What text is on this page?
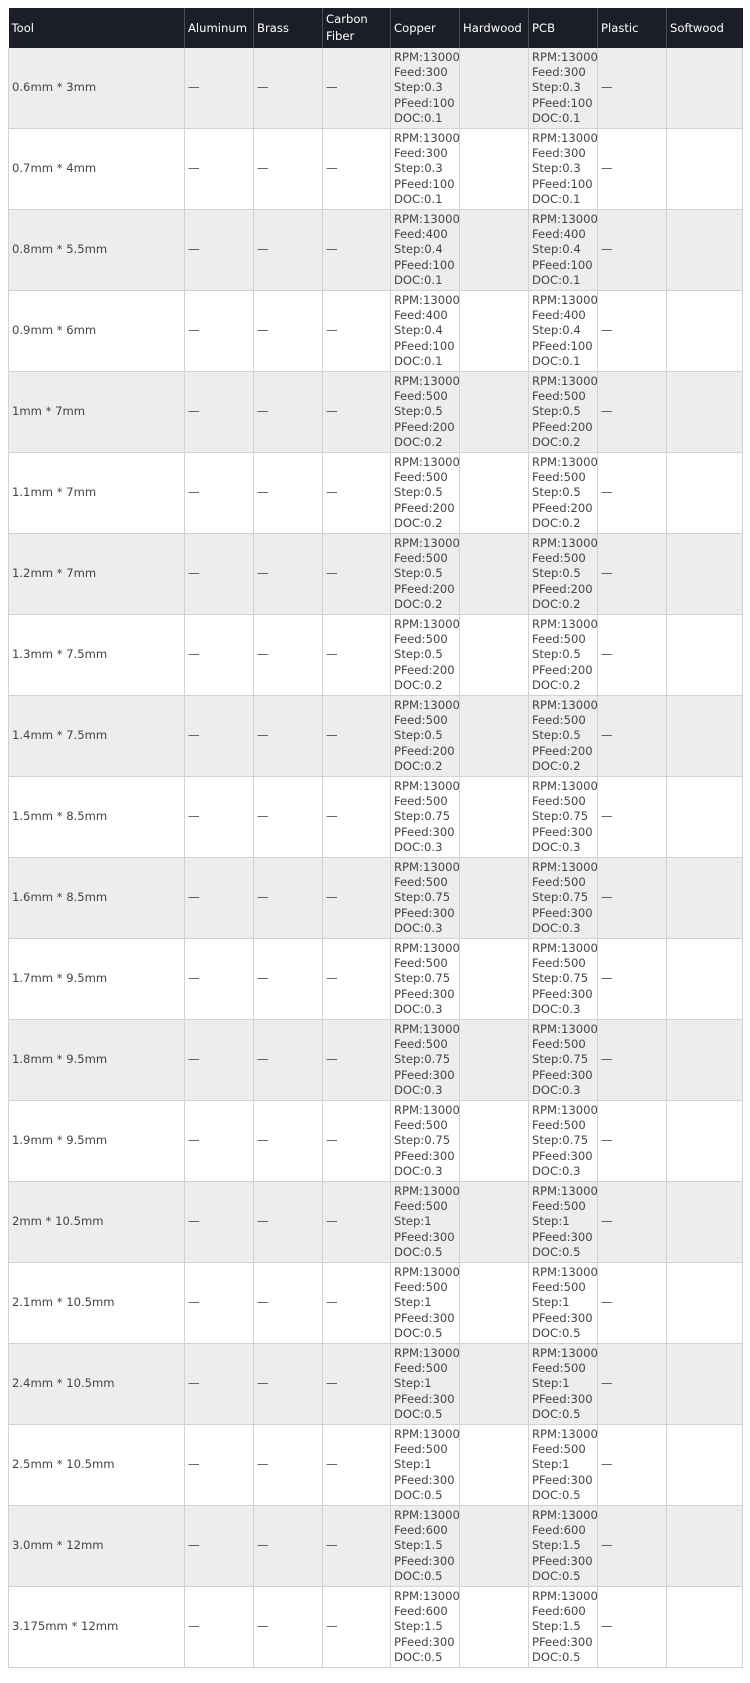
Tool	Aluminum	Brass	Carbon Fiber	Copper	Hardwood	PCB	Plastic	Softwood
0.6mm * 3mm	—	—	—	RPM:13000
Feed:300
Step:0.3
PFeed:100
DOC:0.1		RPM:13000
Feed:300
Step:0.3
PFeed:100
DOC:0.1	—	
0.7mm * 4mm	—	—	—	RPM:13000
Feed:300
Step:0.3
PFeed:100
DOC:0.1		RPM:13000
Feed:300
Step:0.3
PFeed:100
DOC:0.1	—	
0.8mm * 5.5mm	—	—	—	RPM:13000
Feed:400
Step:0.4
PFeed:100
DOC:0.1		RPM:13000
Feed:400
Step:0.4
PFeed:100
DOC:0.1	—	
0.9mm * 6mm	—	—	—	RPM:13000
Feed:400
Step:0.4
PFeed:100
DOC:0.1		RPM:13000
Feed:400
Step:0.4
PFeed:100
DOC:0.1	—	
1mm * 7mm	—	—	—	RPM:13000
Feed:500
Step:0.5
PFeed:200
DOC:0.2		RPM:13000
Feed:500
Step:0.5
PFeed:200
DOC:0.2	—	
1.1mm * 7mm	—	—	—	RPM:13000
Feed:500
Step:0.5
PFeed:200
DOC:0.2		RPM:13000
Feed:500
Step:0.5
PFeed:200
DOC:0.2	—	
1.2mm * 7mm	—	—	—	RPM:13000
Feed:500
Step:0.5
PFeed:200
DOC:0.2		RPM:13000
Feed:500
Step:0.5
PFeed:200
DOC:0.2	—	
1.3mm * 7.5mm	—	—	—	RPM:13000
Feed:500
Step:0.5
PFeed:200
DOC:0.2		RPM:13000
Feed:500
Step:0.5
PFeed:200
DOC:0.2	—	
1.4mm * 7.5mm	—	—	—	RPM:13000
Feed:500
Step:0.5
PFeed:200
DOC:0.2		RPM:13000
Feed:500
Step:0.5
PFeed:200
DOC:0.2	—	
1.5mm * 8.5mm	—	—	—	RPM:13000
Feed:500
Step:0.75
PFeed:300
DOC:0.3		RPM:13000
Feed:500
Step:0.75
PFeed:300
DOC:0.3	—	
1.6mm * 8.5mm	—	—	—	RPM:13000
Feed:500
Step:0.75
PFeed:300
DOC:0.3		RPM:13000
Feed:500
Step:0.75
PFeed:300
DOC:0.3	—	
1.7mm * 9.5mm	—	—	—	RPM:13000
Feed:500
Step:0.75
PFeed:300
DOC:0.3		RPM:13000
Feed:500
Step:0.75
PFeed:300
DOC:0.3	—	
1.8mm * 9.5mm	—	—	—	RPM:13000
Feed:500
Step:0.75
PFeed:300
DOC:0.3		RPM:13000
Feed:500
Step:0.75
PFeed:300
DOC:0.3	—	
1.9mm * 9.5mm	—	—	—	RPM:13000
Feed:500
Step:0.75
PFeed:300
DOC:0.3		RPM:13000
Feed:500
Step:0.75
PFeed:300
DOC:0.3	—	
2mm * 10.5mm	—	—	—	RPM:13000
Feed:500
Step:1
PFeed:300
DOC:0.5		RPM:13000
Feed:500
Step:1
PFeed:300
DOC:0.5	—	
2.1mm * 10.5mm	—	—	—	RPM:13000
Feed:500
Step:1
PFeed:300
DOC:0.5		RPM:13000
Feed:500
Step:1
PFeed:300
DOC:0.5	—	
2.4mm * 10.5mm	—	—	—	RPM:13000
Feed:500
Step:1
PFeed:300
DOC:0.5		RPM:13000
Feed:500
Step:1
PFeed:300
DOC:0.5	—	
2.5mm * 10.5mm	—	—	—	RPM:13000
Feed:500
Step:1
PFeed:300
DOC:0.5		RPM:13000
Feed:500
Step:1
PFeed:300
DOC:0.5	—	
3.0mm * 12mm	—	—	—	RPM:13000
Feed:600
Step:1.5
PFeed:300
DOC:0.5		RPM:13000
Feed:600
Step:1.5
PFeed:300
DOC:0.5	—	
3.175mm * 12mm	—	—	—	RPM:13000
Feed:600
Step:1.5
PFeed:300
DOC:0.5		RPM:13000
Feed:600
Step:1.5
PFeed:300
DOC:0.5	—	
